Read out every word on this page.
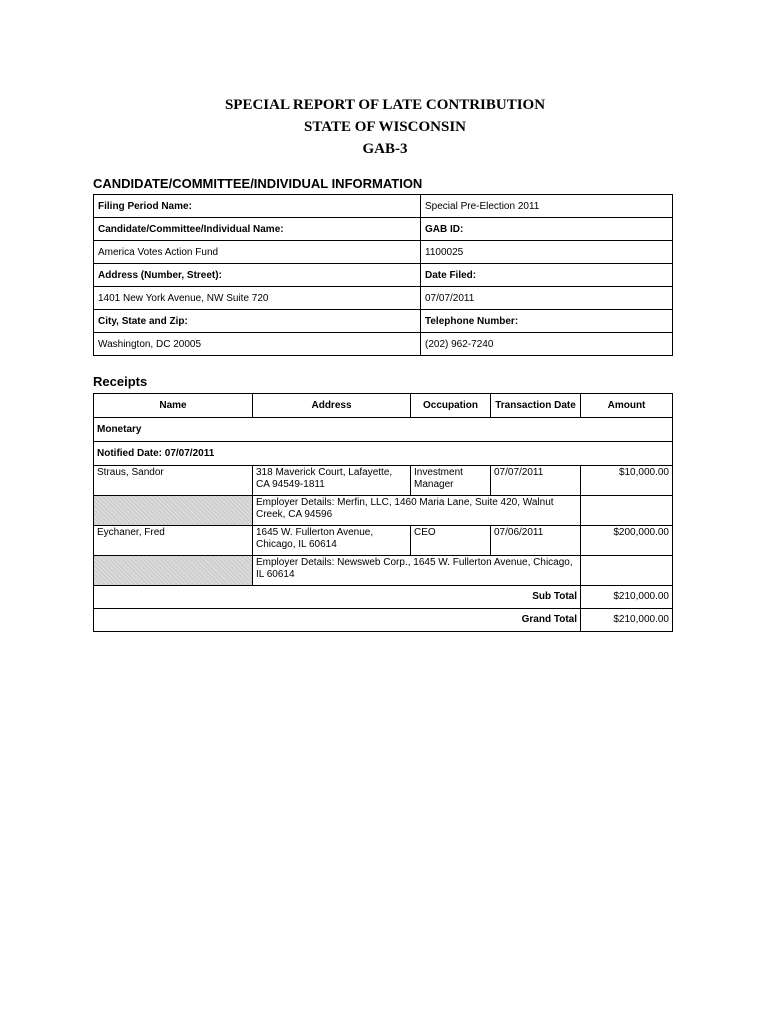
SPECIAL REPORT OF LATE CONTRIBUTION
STATE OF WISCONSIN
GAB-3
CANDIDATE/COMMITTEE/INDIVIDUAL INFORMATION
Filing Period Name:	Special Pre-Election 2011
Candidate/Committee/Individual Name:	GAB ID:
America Votes Action Fund	1100025
Address (Number, Street):	Date Filed:
1401 New York Avenue, NW Suite 720	07/07/2011
City, State and Zip:	Telephone Number:
Washington, DC 20005	(202) 962-7240
Receipts
Name	Address	Occupation	Transaction Date	Amount
Monetary				
Notified Date: 07/07/2011				
Straus, Sandor	318 Maverick Court, Lafayette, CA 94549-1811	Investment Manager	07/07/2011	$10,000.00
	Employer Details: Merfin, LLC, 1460 Maria Lane, Suite 420, Walnut Creek, CA 94596			
Eychaner, Fred	1645 W. Fullerton Avenue, Chicago, IL 60614	CEO	07/06/2011	$200,000.00
	Employer Details: Newsweb Corp., 1645 W. Fullerton Avenue, Chicago, IL 60614			
Sub Total				$210,000.00
Grand Total				$210,000.00
